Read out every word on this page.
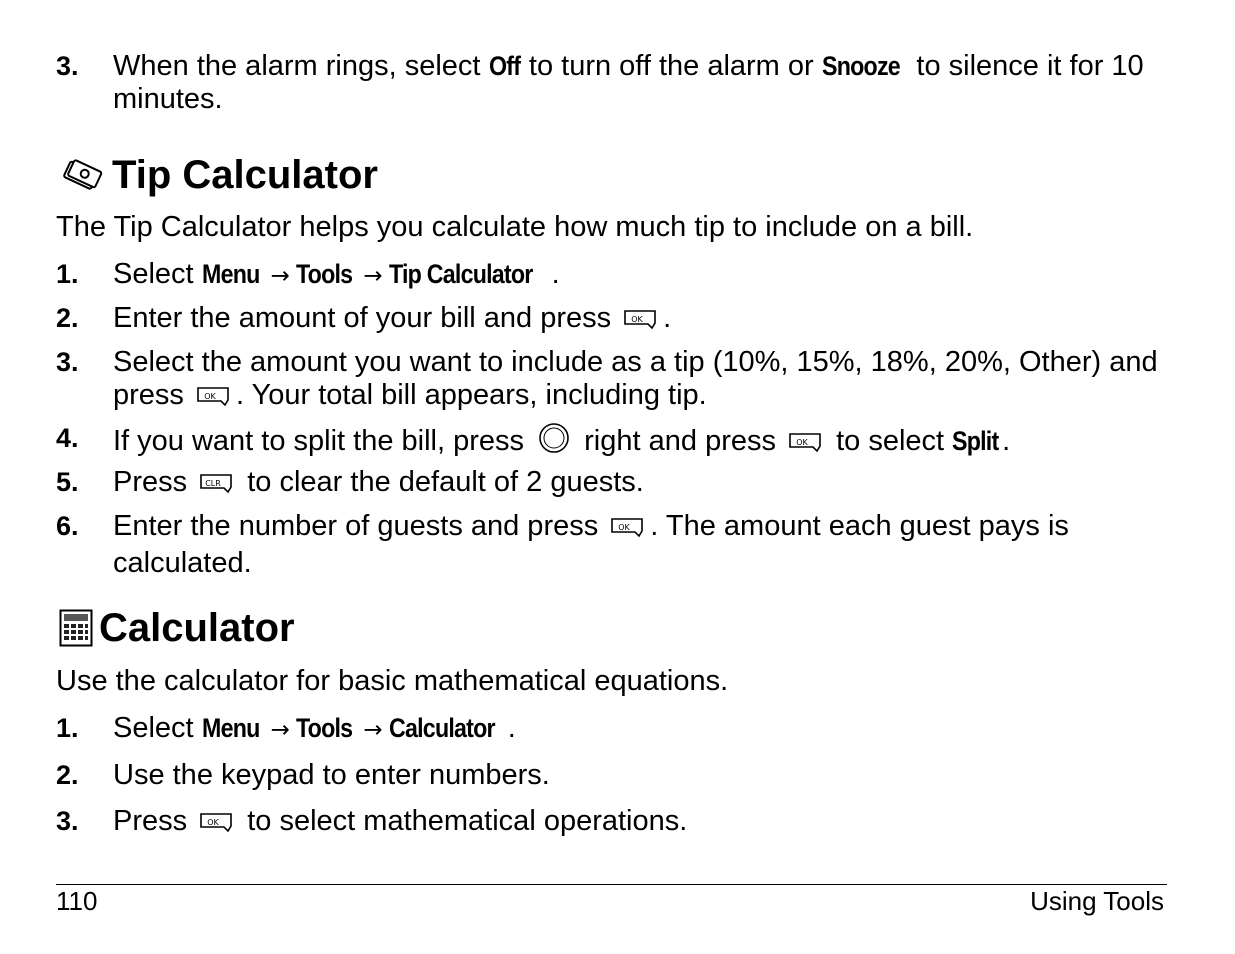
3. When the alarm rings, select Off to turn off the alarm or Snooze to silence it for 10 minutes.
Tip Calculator
The Tip Calculator helps you calculate how much tip to include on a bill.
1. Select Menu → Tools → Tip Calculator .
2. Enter the amount of your bill and press OK .
3. Select the amount you want to include as a tip (10%, 15%, 18%, 20%, Other) and press OK . Your total bill appears, including tip.
4. If you want to split the bill, press  right and press OK to select Split .
5. Press CLR to clear the default of 2 guests.
6. Enter the number of guests and press OK . The amount each guest pays is calculated.
Calculator
Use the calculator for basic mathematical equations.
1. Select Menu → Tools → Calculator .
2. Use the keypad to enter numbers.
3. Press OK to select mathematical operations.
110	Using Tools
